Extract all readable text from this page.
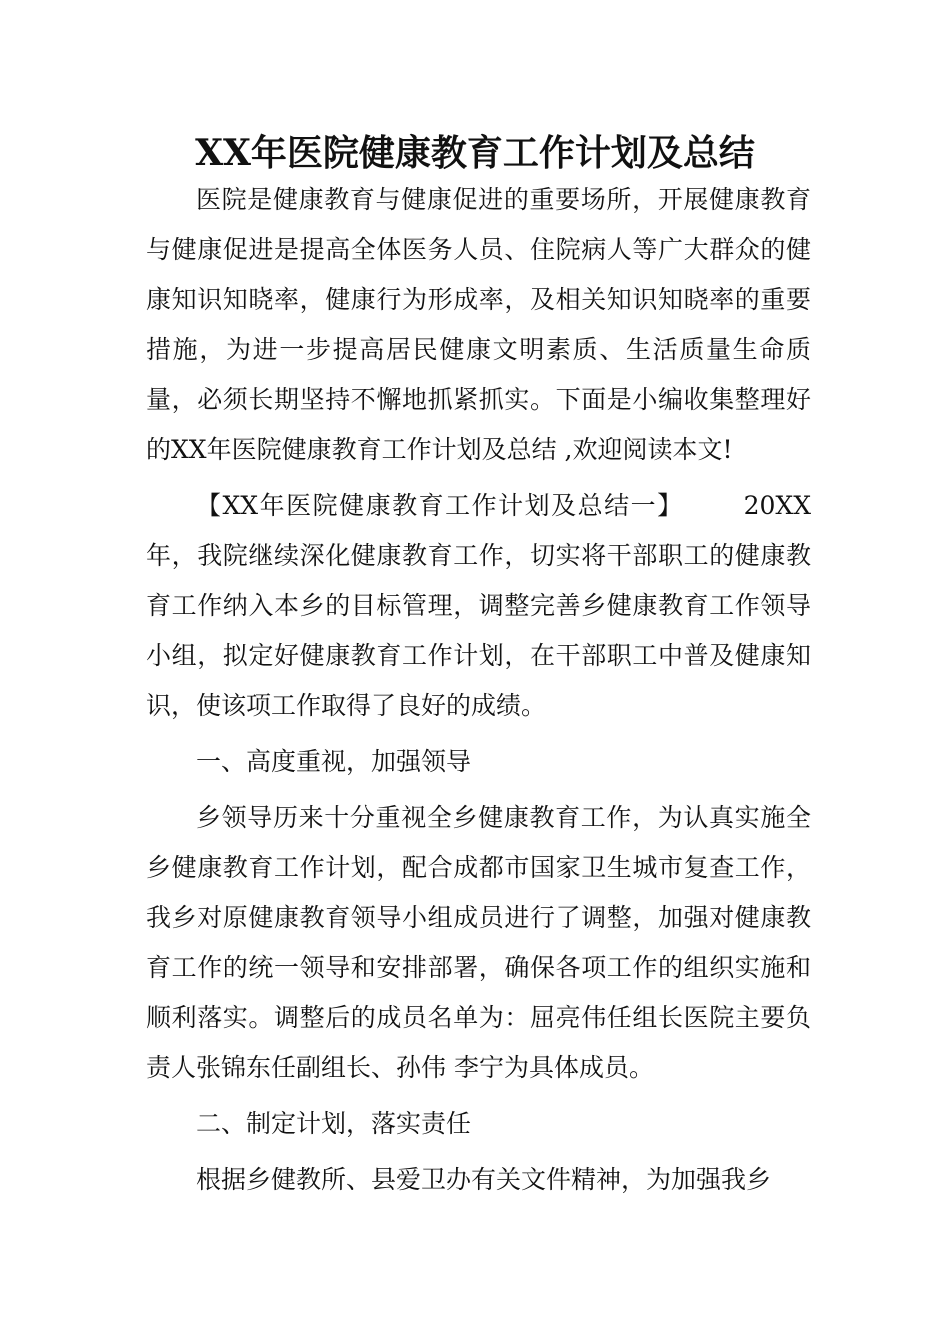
XX年医院健康教育工作计划及总结

医院是健康教育与健康促进的重要场所，开展健康教育与健康促进是提高全体医务人员、住院病人等广大群众的健康知识知晓率，健康行为形成率，及相关知识知晓率的重要措施，为进一步提高居民健康文明素质、生活质量生命质量，必须长期坚持不懈地抓紧抓实。下面是小编收集整理好的XX年医院健康教育工作计划及总结 ,欢迎阅读本文!

【XX年医院健康教育工作计划及总结一】 20XX年，我院继续深化健康教育工作，切实将干部职工的健康教育工作纳入本乡的目标管理，调整完善乡健康教育工作领导小组，拟定好健康教育工作计划，在干部职工中普及健康知识，使该项工作取得了良好的成绩。

一、高度重视，加强领导

乡领导历来十分重视全乡健康教育工作，为认真实施全乡健康教育工作计划，配合成都市国家卫生城市复查工作，我乡对原健康教育领导小组成员进行了调整，加强对健康教育工作的统一领导和安排部署，确保各项工作的组织实施和顺利落实。调整后的成员名单为：屈亮伟任组长医院主要负责人张锦东任副组长、孙伟 李宁为具体成员。

二、制定计划，落实责任

根据乡健教所、县爱卫办有关文件精神，为加强我乡
